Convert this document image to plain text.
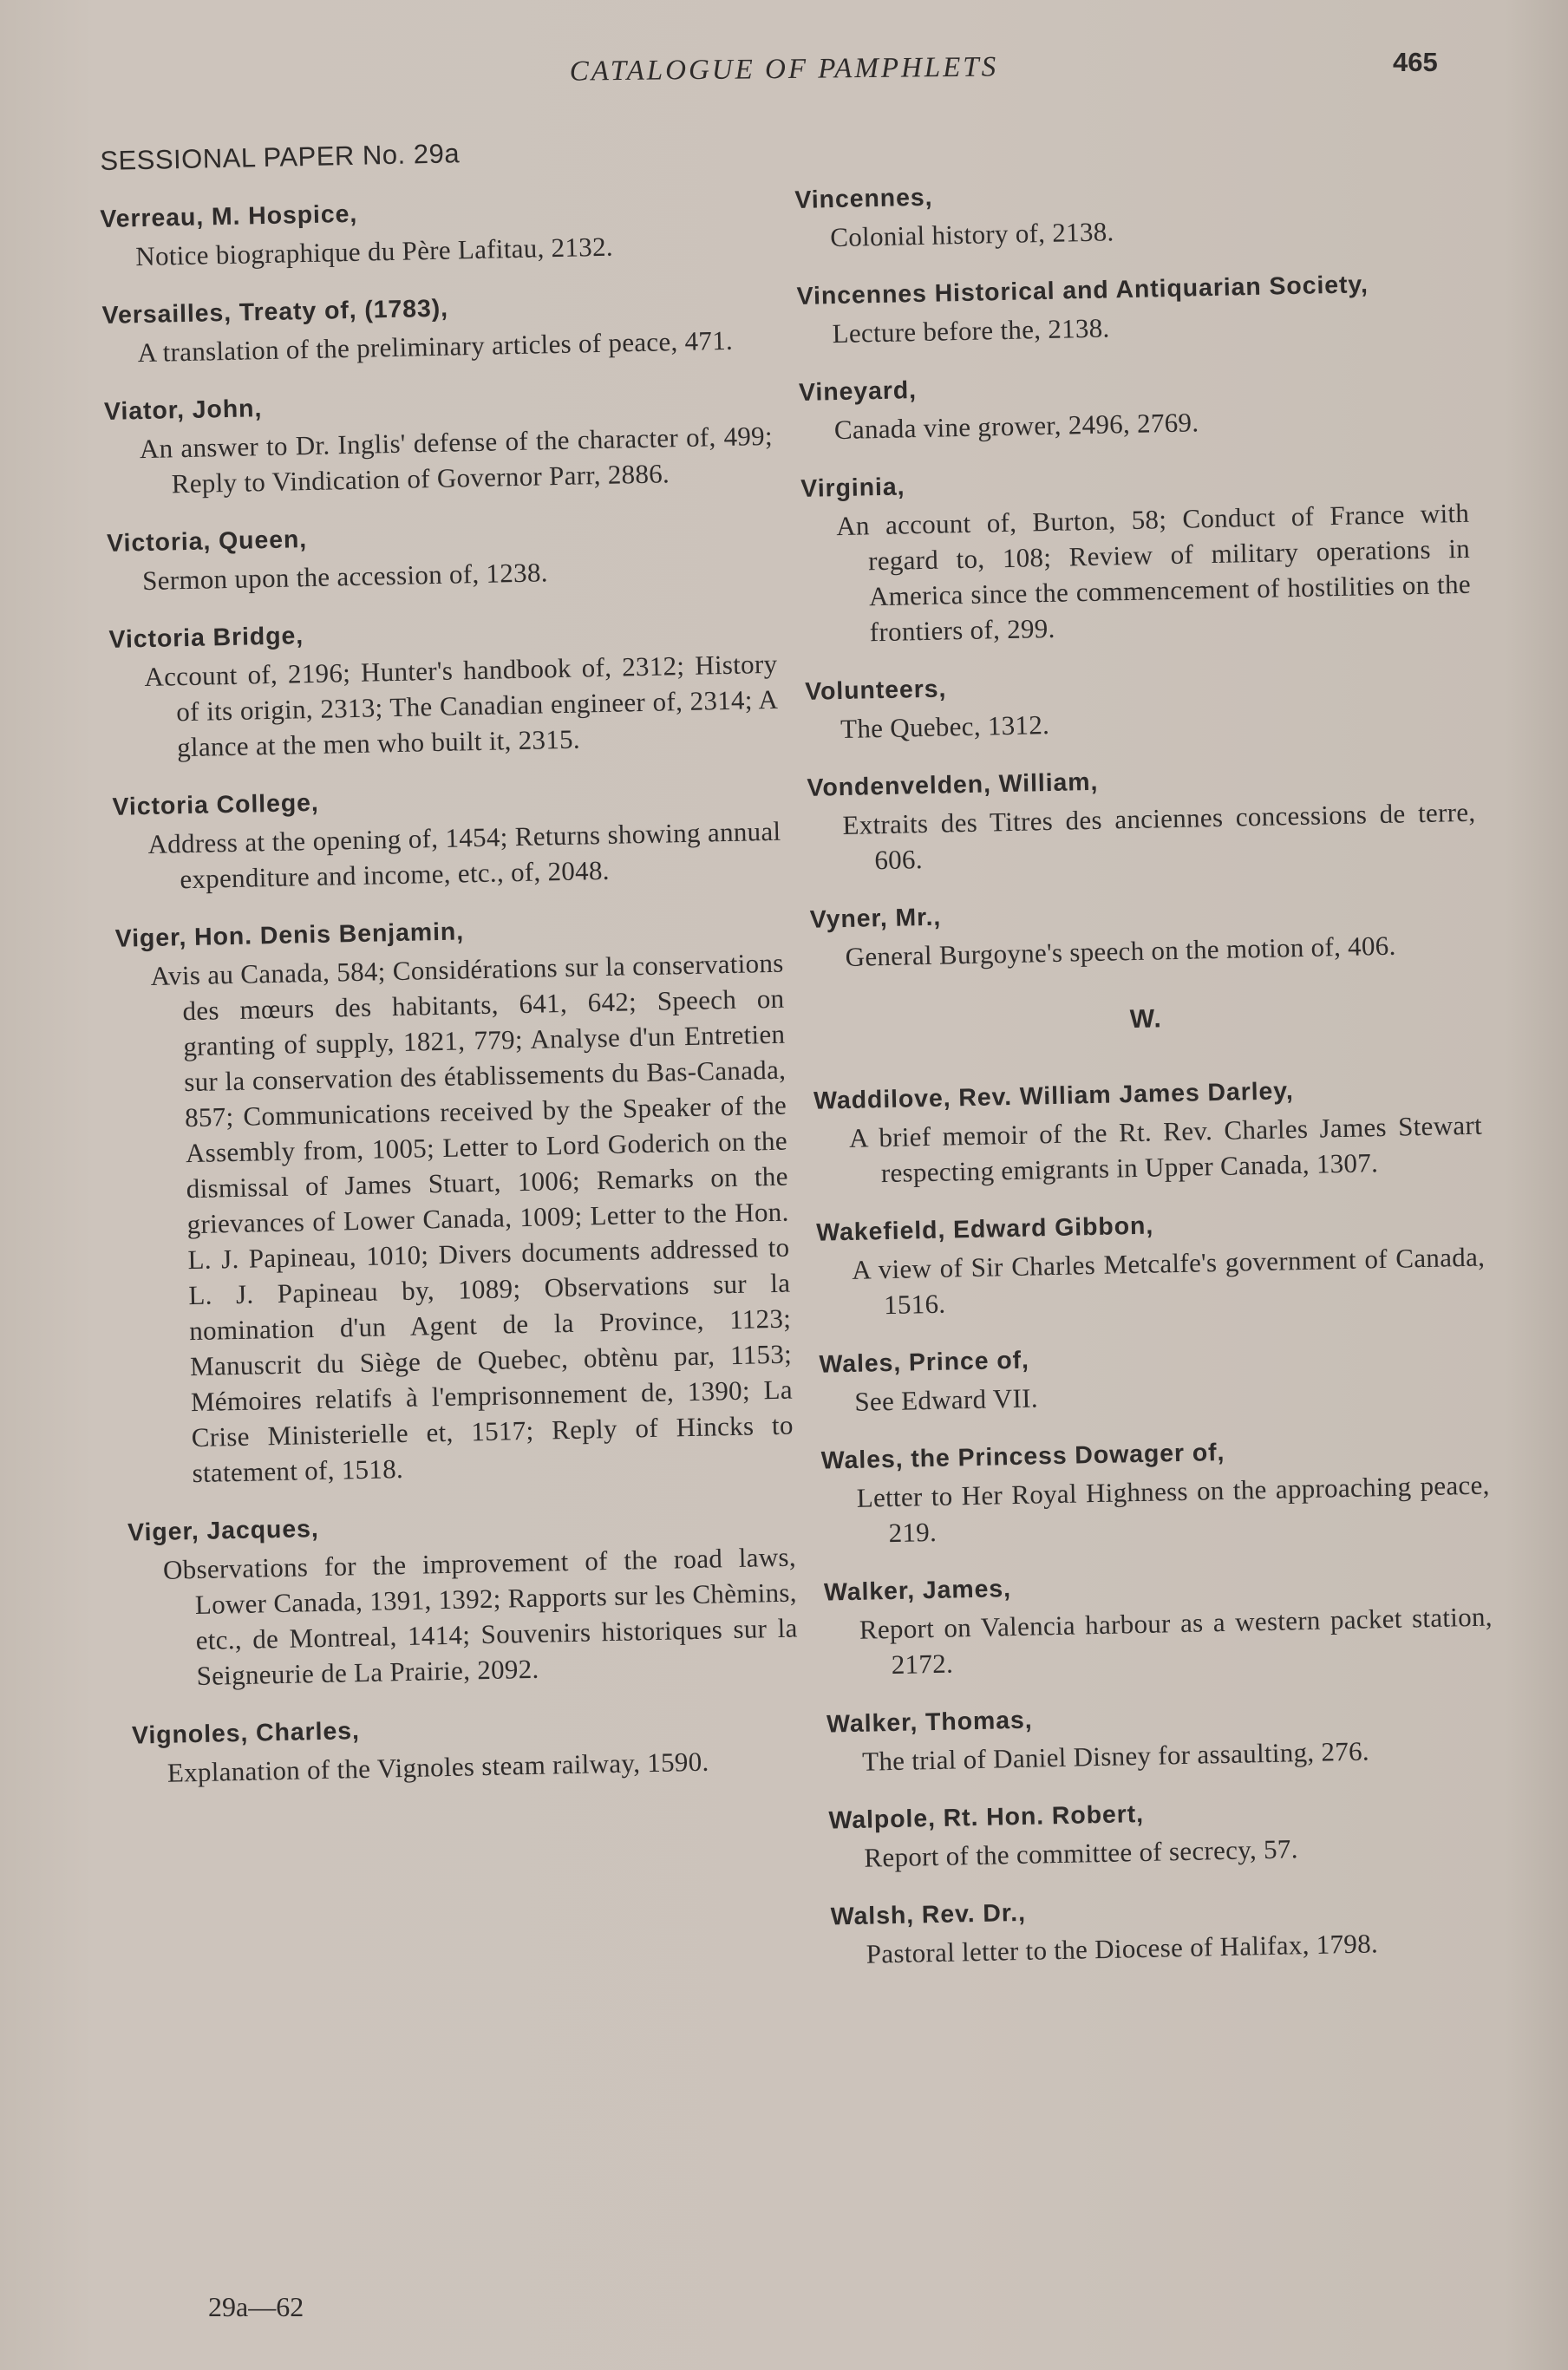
CATALOGUE OF PAMPHLETS	465
SESSIONAL PAPER No. 29a
Verreau, M. Hospice,
Notice biographique du Père Lafitau, 2132.
Versailles, Treaty of, (1783),
A translation of the preliminary articles of peace, 471.
Viator, John,
An answer to Dr. Inglis' defense of the character of, 499; Reply to Vindication of Governor Parr, 2886.
Victoria, Queen,
Sermon upon the accession of, 1238.
Victoria Bridge,
Account of, 2196; Hunter's handbook of, 2312; History of its origin, 2313; The Canadian engineer of, 2314; A glance at the men who built it, 2315.
Victoria College,
Address at the opening of, 1454; Returns showing annual expenditure and income, etc., of, 2048.
Viger, Hon. Denis Benjamin,
Avis au Canada, 584; Considérations sur la conservations des mœurs des habitants, 641, 642; Speech on granting of supply, 1821, 779; Analyse d'un Entretien sur la conservation des établissements du Bas-Canada, 857; Communications received by the Speaker of the Assembly from, 1005; Letter to Lord Goderich on the dismissal of James Stuart, 1006; Remarks on the grievances of Lower Canada, 1009; Letter to the Hon. L. J. Papineau, 1010; Divers documents addressed to L. J. Papineau by, 1089; Observations sur la nomination d'un Agent de la Province, 1123; Manuscrit du Siège de Quebec, obtènu par, 1153; Mémoires relatifs à l'emprisonnement de, 1390; La Crise Ministerielle et, 1517; Reply of Hincks to statement of, 1518.
Viger, Jacques,
Observations for the improvement of the road laws, Lower Canada, 1391, 1392; Rapports sur les Chèmins, etc., de Montreal, 1414; Souvenirs historiques sur la Seigneurie de La Prairie, 2092.
Vignoles, Charles,
Explanation of the Vignoles steam railway, 1590.
Vincennes,
Colonial history of, 2138.
Vincennes Historical and Antiquarian Society,
Lecture before the, 2138.
Vineyard,
Canada vine grower, 2496, 2769.
Virginia,
An account of, Burton, 58; Conduct of France with regard to, 108; Review of military operations in America since the commencement of hostilities on the frontiers of, 299.
Volunteers,
The Quebec, 1312.
Vondenvelden, William,
Extraits des Titres des anciennes concessions de terre, 606.
Vyner, Mr.,
General Burgoyne's speech on the motion of, 406.
W.
Waddilove, Rev. William James Darley,
A brief memoir of the Rt. Rev. Charles James Stewart respecting emigrants in Upper Canada, 1307.
Wakefield, Edward Gibbon,
A view of Sir Charles Metcalfe's government of Canada, 1516.
Wales, Prince of,
See Edward VII.
Wales, the Princess Dowager of,
Letter to Her Royal Highness on the approaching peace, 219.
Walker, James,
Report on Valencia harbour as a western packet station, 2172.
Walker, Thomas,
The trial of Daniel Disney for assaulting, 276.
Walpole, Rt. Hon. Robert,
Report of the committee of secrecy, 57.
Walsh, Rev. Dr.,
Pastoral letter to the Diocese of Halifax, 1798.
29a—62
